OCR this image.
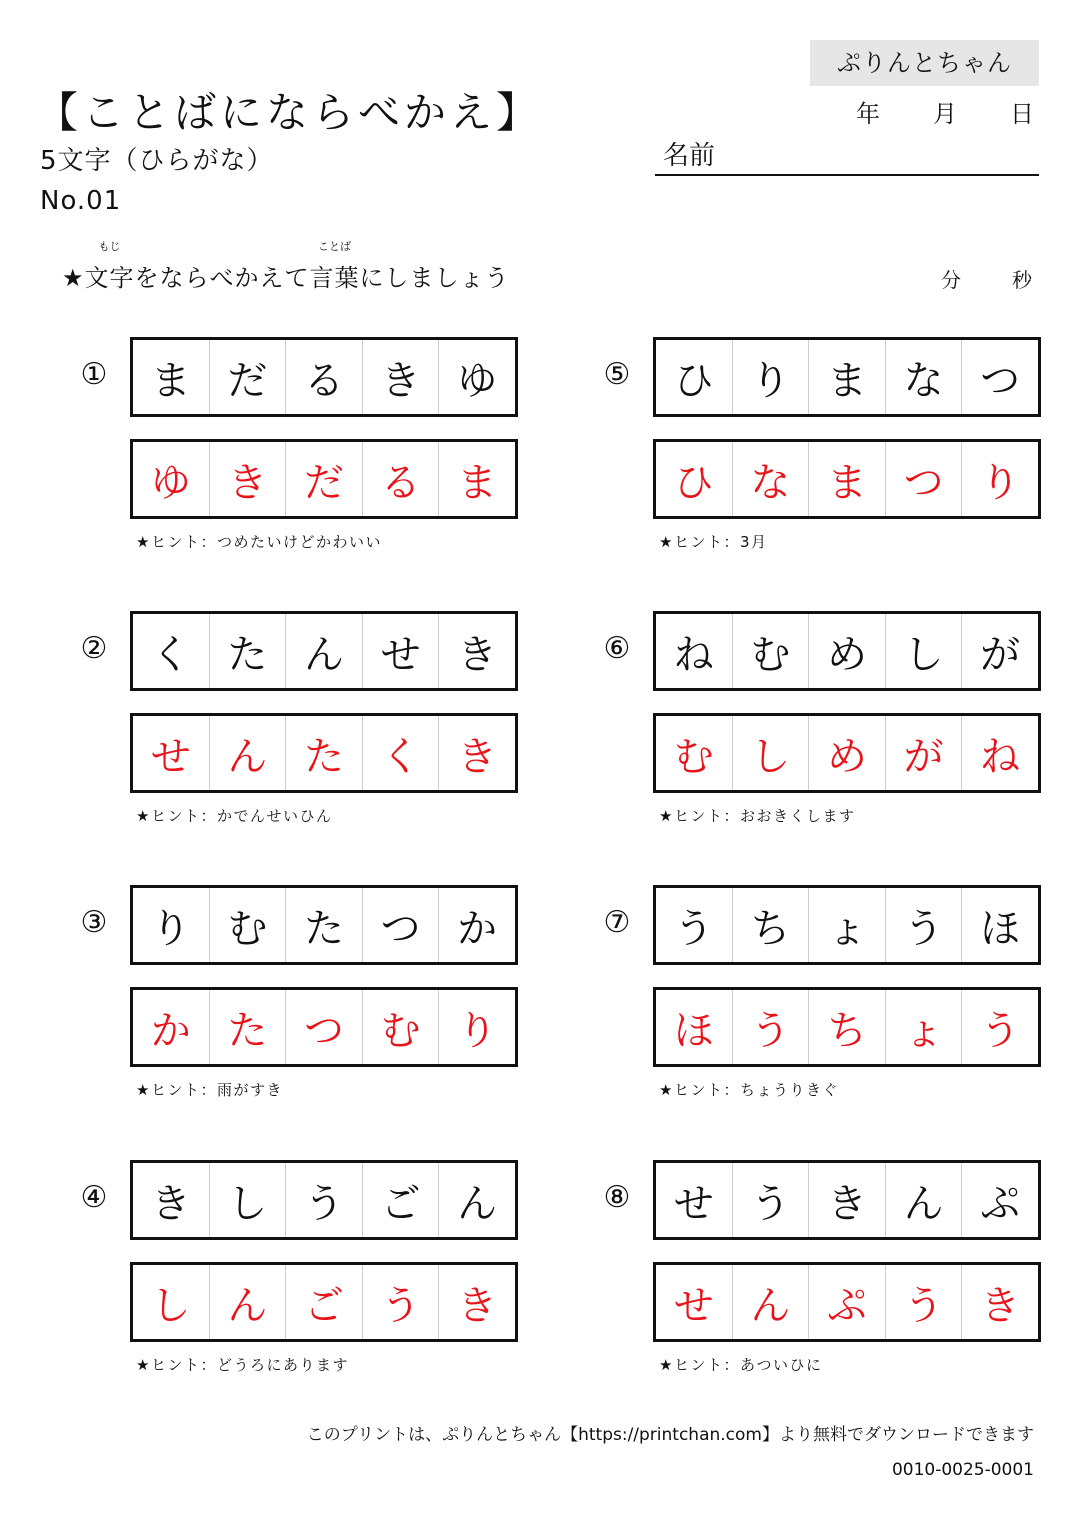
ぷりんとちゃん
【ことばにならべかえ】
5文字（ひらがな）
No.01
年 月 日
名前
★
もじ
文字をならべかえて
ことば
言葉にしましょう	分	秒
①	ま だ る き ゆ
ゆ き だ る ま
★ヒント：つめたいけどかわいい
②	く た ん せ き
せ ん た く き
★ヒント：かでんせいひん
③	り む た つ か
か た つ む り
★ヒント：雨がすき
④	き し う ご ん
し ん ご う き
★ヒント：どうろにあります
⑤	ひ り ま な つ
ひ な ま つ り
★ヒント：3月
⑥	ね む め し が
む し め が ね
★ヒント：おおきくします
⑦	う ち ょ う ほ
ほ う ち ょ う
★ヒント：ちょうりきぐ
⑧	せ う き ん ぷ
せ ん ぷ う き
★ヒント：あついひに
このプリントは、ぷりんとちゃん【https://printchan.com】より無料でダウンロードできます
0010-0025-0001
